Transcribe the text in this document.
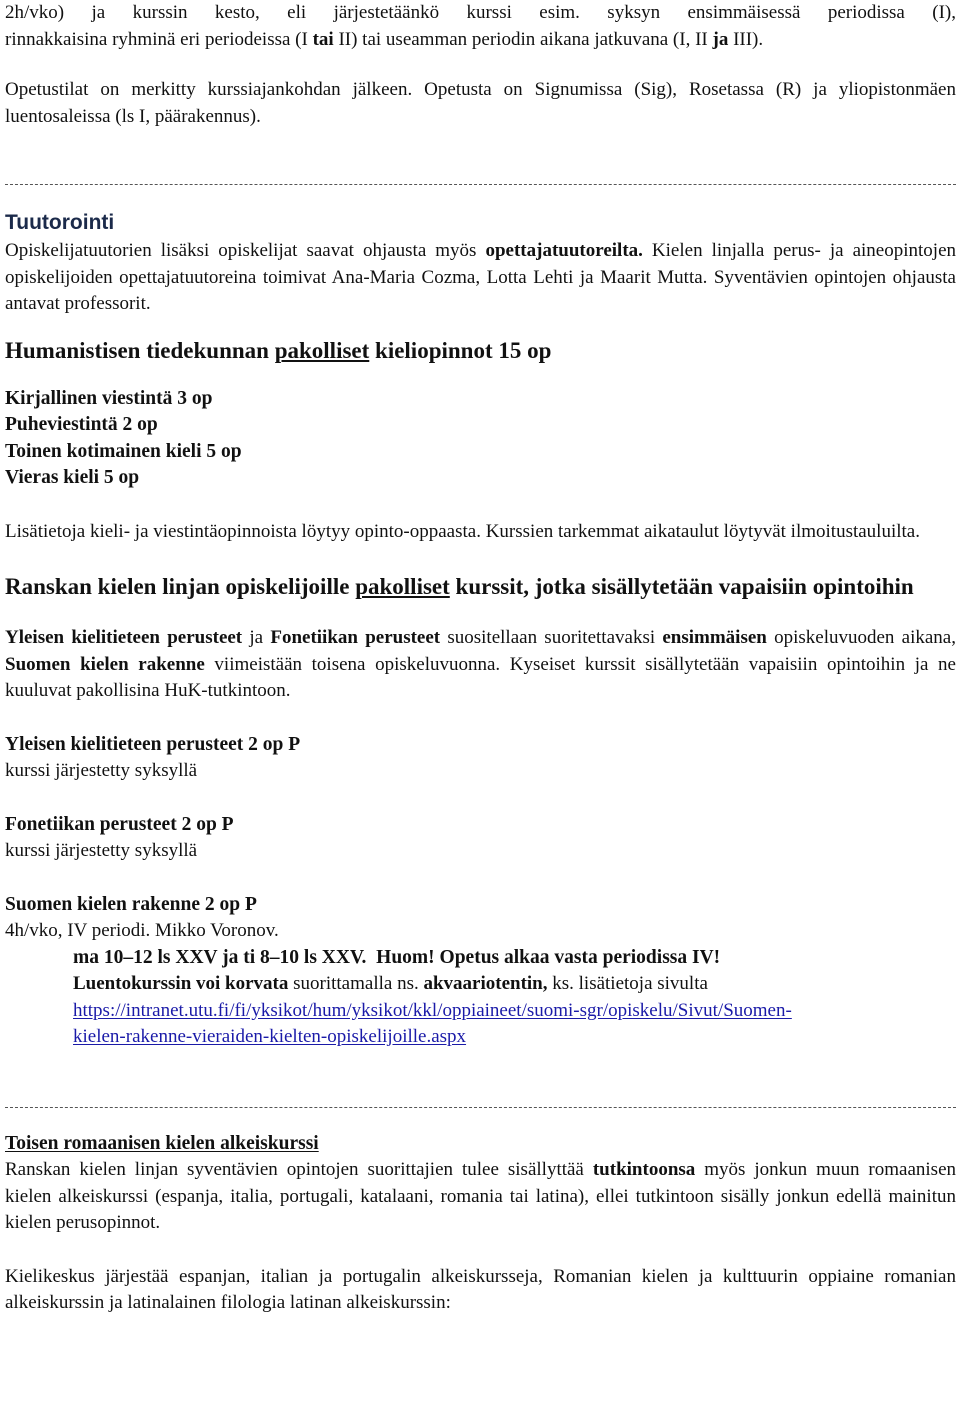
2h/vko) ja kurssin kesto, eli järjestetäänkö kurssi esim. syksyn ensimmäisessä periodissa (I),

rinnakkaisina ryhminä eri periodeissa (I tai II) tai useamman periodin aikana jatkuvana (I, II ja III).

Opetustilat on merkitty kurssiajankohdan jälkeen. Opetusta on Signumissa (Sig), Rosetassa (R) ja yliopistonmäen luentosaleissa (ls I, päärakennus).

Tuutorointi

Opiskelijatuutorien lisäksi opiskelijat saavat ohjausta myös opettajatuutoreilta. Kielen linjalla perus- ja aineopintojen opiskelijoiden opettajatuutoreina toimivat Ana-Maria Cozma, Lotta Lehti ja Maarit Mutta. Syventävien opintojen ohjausta antavat professorit.

Humanistisen tiedekunnan pakolliset kieliopinnot 15 op
Kirjallinen viestintä 3 op
Puheviestintä 2 op
Toinen kotimainen kieli 5 op
Vieras kieli 5 op

Lisätietoja kieli- ja viestintäopinnoista löytyy opinto-oppaasta. Kurssien tarkemmat aikataulut löytyvät ilmoitustauluilta.

Ranskan kielen linjan opiskelijoille pakolliset kurssit, jotka sisällytetään vapaisiin opintoihin

Yleisen kielitieteen perusteet ja Fonetiikan perusteet suositellaan suoritettavaksi ensimmäisen opiskeluvuoden aikana, Suomen kielen rakenne viimeistään toisena opiskeluvuonna. Kyseiset kurssit sisällytetään vapaisiin opintoihin ja ne kuuluvat pakollisina HuK-tutkintoon.

Yleisen kielitieteen perusteet 2 op P
kurssi järjestetty syksyllä
Fonetiikan perusteet 2 op P
kurssi järjestetty syksyllä
Suomen kielen rakenne 2 op P
4h/vko, IV periodi. Mikko Voronov.
ma 10–12 ls XXV ja ti 8–10 ls XXV.  Huom! Opetus alkaa vasta periodissa IV!
Luentokurssin voi korvata suorittamalla ns. akvaariotentin, ks. lisätietoja sivulta
https://intranet.utu.fi/fi/yksikot/hum/yksikot/kkl/oppiaineet/suomi-sgr/opiskelu/Sivut/Suomen-
kielen-rakenne-vieraiden-kielten-opiskelijoille.aspx
Toisen romaanisen kielen alkeiskurssi

Ranskan kielen linjan syventävien opintojen suorittajien tulee sisällyttää tutkintoonsa myös jonkun muun romaanisen kielen alkeiskurssi (espanja, italia, portugali, katalaani, romania tai latina), ellei tutkintoon sisälly jonkun edellä mainitun kielen perusopinnot.

Kielikeskus järjestää espanjan, italian ja portugalin alkeiskursseja, Romanian kielen ja kulttuurin oppiaine romanian alkeiskurssin ja latinalainen filologia latinan alkeiskurssin:
